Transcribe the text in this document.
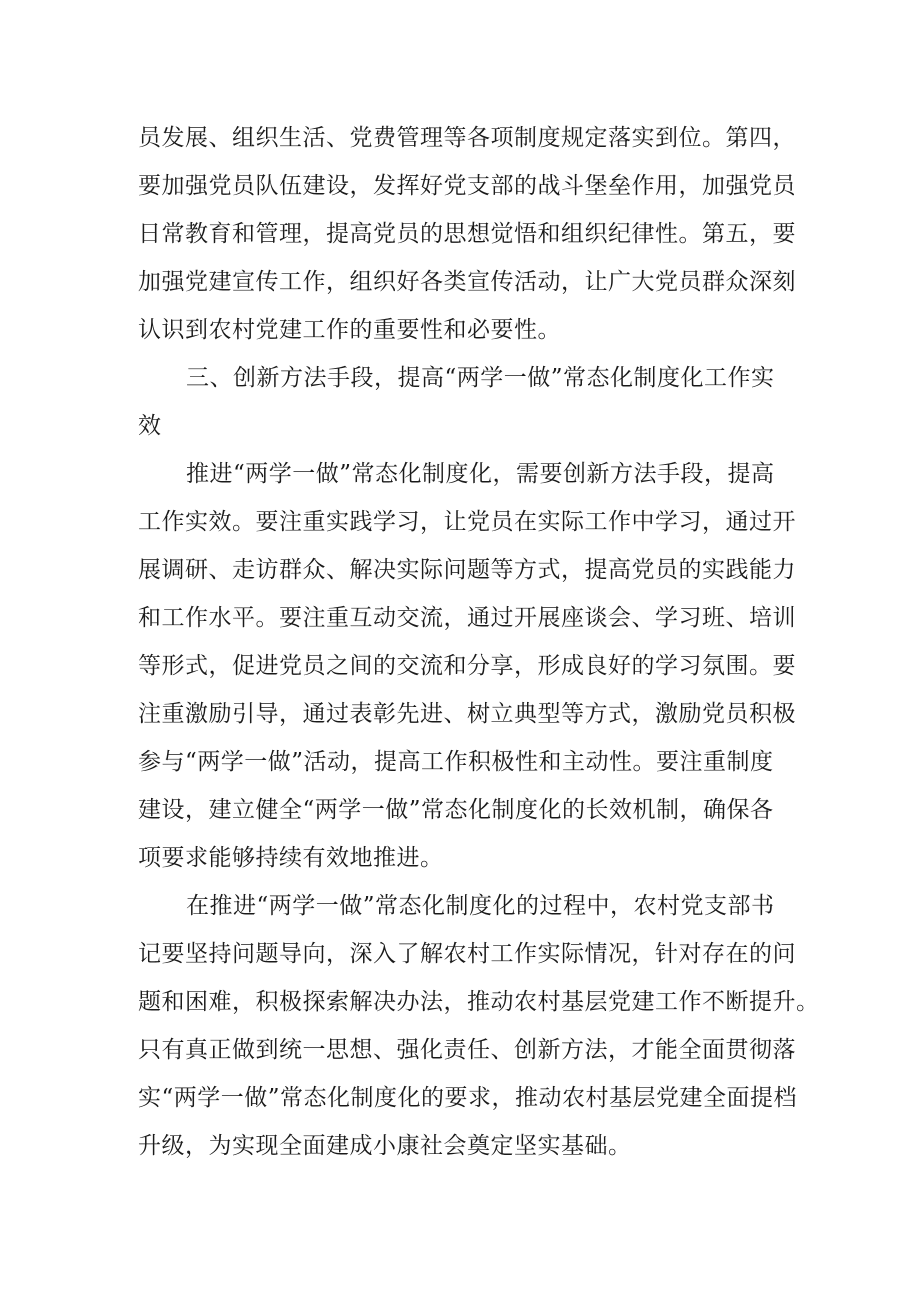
员发展、组织生活、党费管理等各项制度规定落实到位。第四，
要加强党员队伍建设，发挥好党支部的战斗堡垒作用，加强党员
日常教育和管理，提高党员的思想觉悟和组织纪律性。第五，要
加强党建宣传工作，组织好各类宣传活动，让广大党员群众深刻
认识到农村党建工作的重要性和必要性。
三、创新方法手段，提高“两学一做”常态化制度化工作实
效
推进“两学一做”常态化制度化，需要创新方法手段，提高
工作实效。要注重实践学习，让党员在实际工作中学习，通过开
展调研、走访群众、解决实际问题等方式，提高党员的实践能力
和工作水平。要注重互动交流，通过开展座谈会、学习班、培训
等形式，促进党员之间的交流和分享，形成良好的学习氛围。要
注重激励引导，通过表彰先进、树立典型等方式，激励党员积极
参与“两学一做”活动，提高工作积极性和主动性。要注重制度
建设，建立健全“两学一做”常态化制度化的长效机制，确保各
项要求能够持续有效地推进。
在推进“两学一做”常态化制度化的过程中，农村党支部书
记要坚持问题导向，深入了解农村工作实际情况，针对存在的问
题和困难，积极探索解决办法，推动农村基层党建工作不断提升。
只有真正做到统一思想、强化责任、创新方法，才能全面贯彻落
实“两学一做”常态化制度化的要求，推动农村基层党建全面提档
升级，为实现全面建成小康社会奠定坚实基础。
